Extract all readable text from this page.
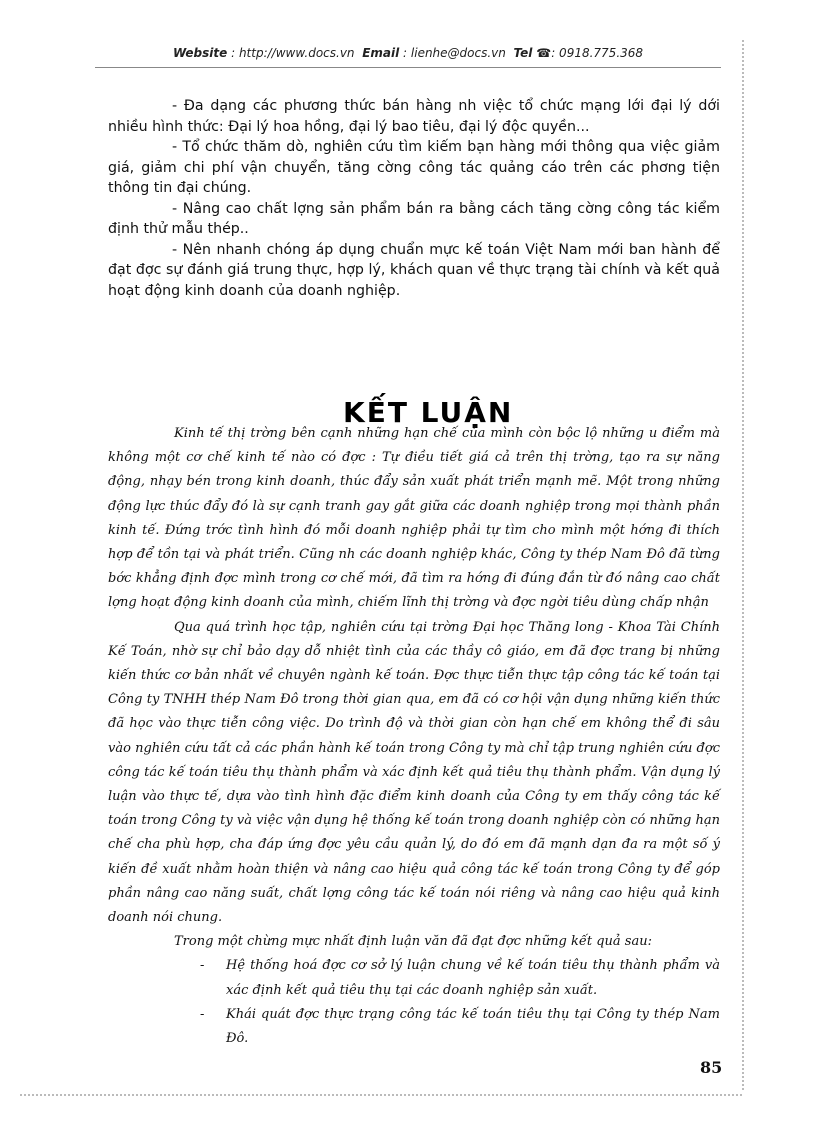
Website : http://www.docs.vn Email : lienhe@docs.vn Tel ☎: 0918.775.368

- Đa dạng các phương thức bán hàng nh việc tổ chức mạng lới đại lý dới nhiều hình thức: Đại lý hoa hồng, đại lý bao tiêu, đại lý độc quyền...

- Tổ chức thăm dò, nghiên cứu tìm kiếm bạn hàng mới thông qua việc giảm giá, giảm chi phí vận chuyển, tăng cờng công tác quảng cáo trên các phơng tiện thông tin đại chúng.

- Nâng cao chất lợng sản phẩm bán ra bằng cách tăng cờng công tác kiểm định thử mẫu thép..

- Nên nhanh chóng áp dụng chuẩn mực kế toán Việt Nam mới ban hành để đạt đợc sự đánh giá trung thực, hợp lý, khách quan về thực trạng tài chính và kết quả hoạt động kinh doanh của doanh nghiệp.

KẾT LUẬN

Kinh tế thị trờng bên cạnh những hạn chế của mình còn bộc lộ những u điểm mà không một cơ chế kinh tế nào có đợc : Tự điều tiết giá cả trên thị trờng, tạo ra sự năng động, nhạy bén trong kinh doanh, thúc đẩy sản xuất phát triển mạnh mẽ. Một trong những động lực thúc đẩy đó là sự cạnh tranh gay gắt giữa các doanh nghiệp trong mọi thành phần kinh tế. Đứng trớc tình hình đó mỗi doanh nghiệp phải tự tìm cho mình một hớng đi thích hợp để tồn tại và phát triển. Cũng nh các doanh nghiệp khác, Công ty thép Nam Đô đã từng bớc khẳng định đợc mình trong cơ chế mới, đã tìm ra hớng đi đúng đắn từ đó nâng cao chất lợng hoạt động kinh doanh của mình, chiếm lĩnh thị trờng và đợc ngời tiêu dùng chấp nhận

Qua quá trình học tập, nghiên cứu tại trờng Đại học Thăng long - Khoa Tài Chính Kế Toán, nhờ sự chỉ bảo dạy dỗ nhiệt tình của các thầy cô giáo, em đã đợc trang bị những kiến thức cơ bản nhất về chuyên ngành kế toán. Đợc thực tiễn thực tập công tác kế toán tại Công ty TNHH thép Nam Đô trong thời gian qua, em đã có cơ hội vận dụng những kiến thức đã học vào thực tiễn công việc. Do trình độ và thời gian còn hạn chế em không thể đi sâu vào nghiên cứu tất cả các phần hành kế toán trong Công ty mà chỉ tập trung nghiên cứu đợc công tác kế toán tiêu thụ thành phẩm và xác định kết quả tiêu thụ thành phẩm. Vận dụng lý luận vào thực tế, dựa vào tình hình đặc điểm kinh doanh của Công ty em thấy công tác kế toán trong Công ty và việc vận dụng hệ thống kế toán trong doanh nghiệp còn có những hạn chế cha phù hợp, cha đáp ứng đợc yêu cầu quản lý, do đó em đã mạnh dạn đa ra một số ý kiến đề xuất nhằm hoàn thiện và nâng cao hiệu quả công tác kế toán trong Công ty để góp phần nâng cao năng suất, chất lợng công tác kế toán nói riêng và nâng cao hiệu quả kinh doanh nói chung.

Trong một chừng mực nhất định luận văn đã đạt đợc những kết quả sau:

- Hệ thống hoá đợc cơ sở lý luận chung về kế toán tiêu thụ thành phẩm và xác định kết quả tiêu thụ tại các doanh nghiệp sản xuất.
- Khái quát đợc thực trạng công tác kế toán tiêu thụ tại Công ty thép Nam Đô.
85
